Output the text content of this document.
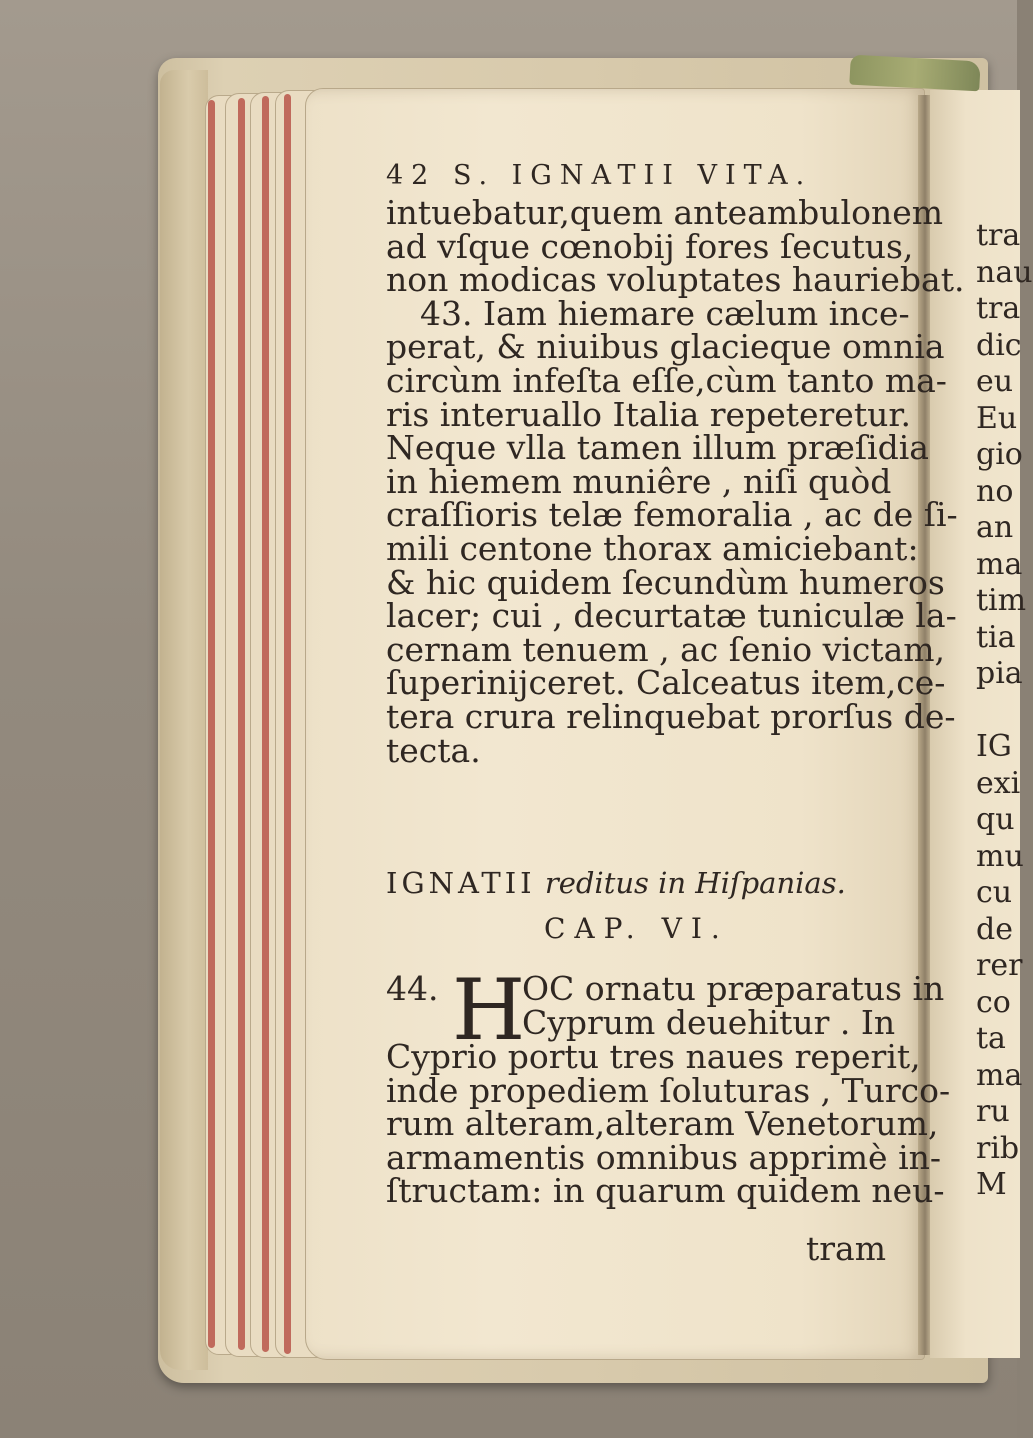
42 S. IGNATII VITA.
intuebatur,quem anteambulonem
ad vſque cœnobij fores ſecutus,
non modicas voluptates hauriebat.
43. Iam hiemare cælum ince-
perat, & niuibus glacieque omnia
circùm infeſta eſſe,cùm tanto ma-
ris interuallo Italia repeteretur.
Neque vlla tamen illum præſidia
in hiemem muniêre , niſi quòd
craſſioris telæ femoralia , ac de ſi-
mili centone thorax amiciebant:
& hic quidem ſecundùm humeros
lacer; cui , decurtatæ tuniculæ la-
cernam tenuem , ac ſenio victam,
ſuperinijceret. Calceatus item,ce-
tera crura relinquebat prorſus de-
tecta.
IGNATII reditus in Hiſpanias.
CAP. VI.
44. H
OC ornatu præparatus in
Cyprum deuehitur . In
Cyprio portu tres naues reperit,
inde propediem ſoluturas , Turco-
rum alteram,alteram Venetorum,
armamentis omnibus apprimè in-
ſtructam: in quarum quidem neu-
tram
tra
nau
tra
dic
eu
Eu
gio
no
an
ma
tim
tia
pia
IG
exi
qu
mu
cu
de
rer
co
ta
ma
ru
rib
M
